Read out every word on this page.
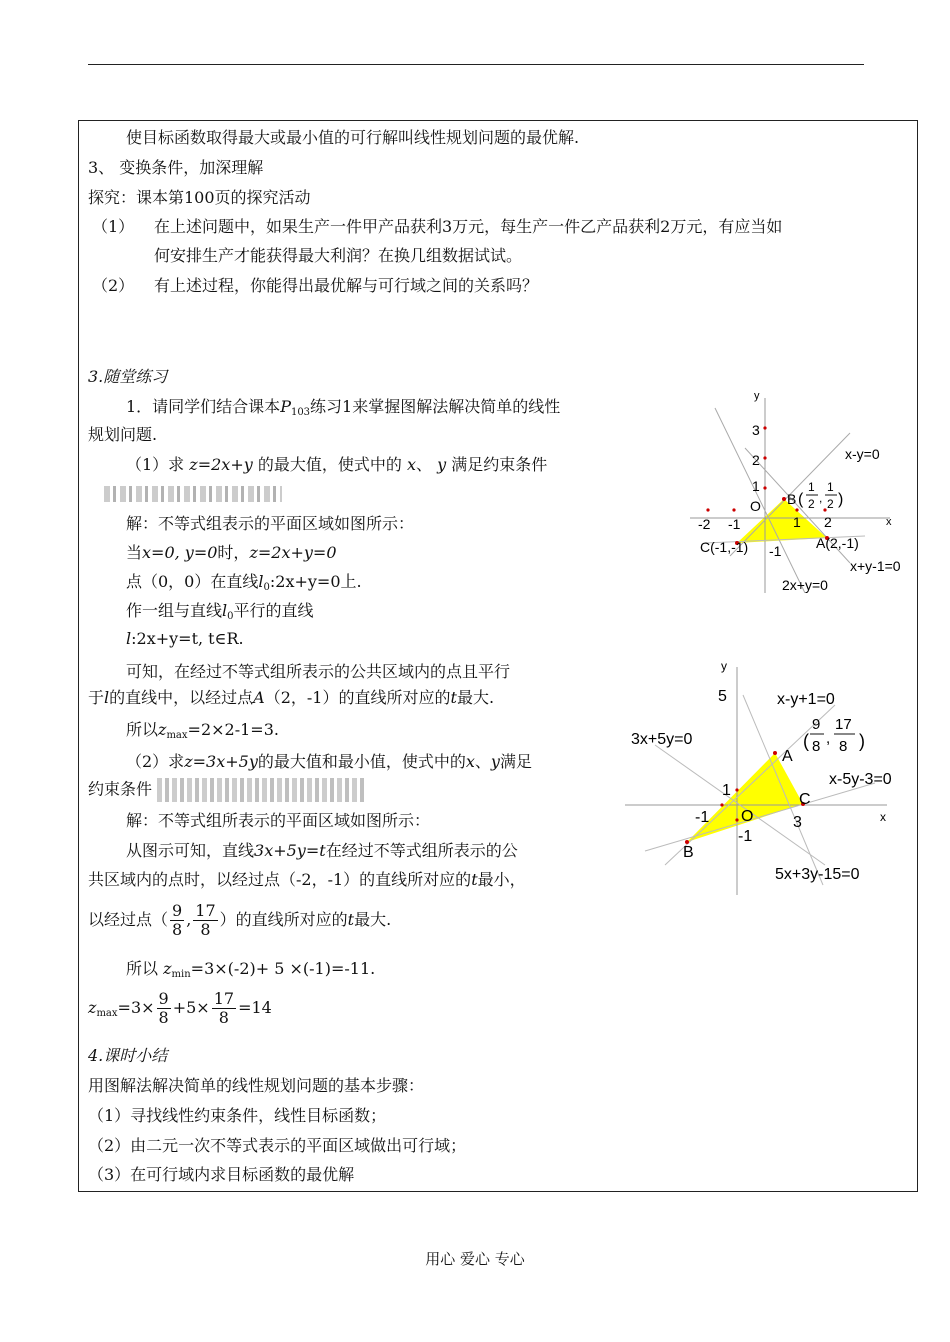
使目标函数取得最大或最小值的可行解叫线性规划问题的最优解.
3、 变换条件，加深理解
探究：课本第100页的探究活动
（1） 在上述问题中，如果生产一件甲产品获利3万元，每生产一件乙产品获利2万元，有应当如
何安排生产才能获得最大利润？在换几组数据试试。
（2） 有上述过程，你能得出最优解与可行域之间的关系吗？
3.随堂练习
1．请同学们结合课本P103练习1来掌握图解法解决简单的线性
规划问题.
（1）求 z=2x+y 的最大值，使式中的 x、 y 满足约束条件
解：不等式组表示的平面区域如图所示：
当x=0, y=0时，z=2x+y=0
点（0，0）在直线l0:2x+y=0上.
作一组与直线l0平行的直线
l:2x+y=t, t∈R.
可知，在经过不等式组所表示的公共区域内的点且平行
于l的直线中，以经过点A（2，-1）的直线所对应的t最大.
所以zmax=2×2-1=3.
（2）求z=3x+5y的最大值和最小值，使式中的x、y满足
约束条件
解：不等式组所表示的平面区域如图所示：
从图示可知，直线3x+5y=t在经过不等式组所表示的公
共区域内的点时，以经过点（-2，-1）的直线所对应的t最小，
以经过点（ $\frac{9}{8}$ , $\frac{17}{8}$ ）的直线所对应的t最大.
所以 zmin=3×(-2)+ 5 ×(-1)=-11.
$zmax=3\times \frac{9}{8} +5\times \frac{17}{8} =14$
4.课时小结
用图解法解决简单的线性规划问题的基本步骤：
（1）寻找线性约束条件，线性目标函数；
（2）由二元一次不等式表示的平面区域做出可行域；
（3）在可行域内求目标函数的最优解
y
x
3
2
1
O
-2 -1	1 2
-1
x-y=0
x+y-1=0
2x+y=0
B (
1
2 ,
1
2 )
A(2,-1)
C(-1,-1)
y
x
5
1
-1 O 3
-1
x-y+1=0
3x+5y=0
x-5y-3=0
5x+3y-15=0
A
(
9
8 ,
17
8 )
B
C
用心 爱心 专心
